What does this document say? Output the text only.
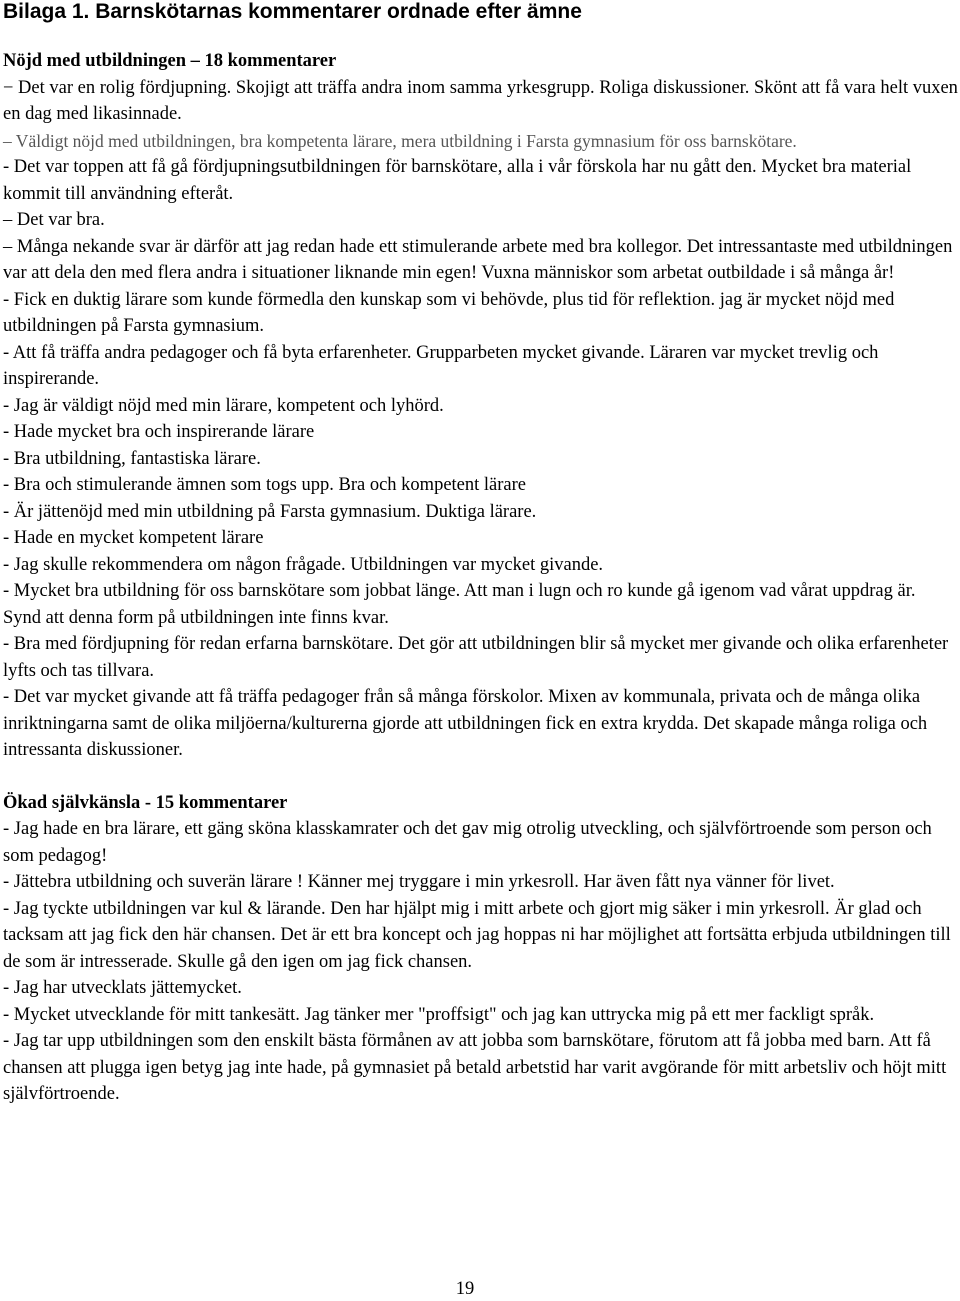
Bilaga 1. Barnskötarnas kommentarer ordnade efter ämne
Nöjd med utbildningen – 18 kommentarer

− Det var en rolig fördjupning. Skojigt att träffa andra inom samma yrkesgrupp. Roliga diskussioner. Skönt att få vara helt vuxen en dag med likasinnade.

– Väldigt nöjd med utbildningen, bra kompetenta lärare, mera utbildning i Farsta gymnasium för oss barnskötare.

- Det var toppen att få gå fördjupningsutbildningen för barnskötare, alla i vår förskola har nu gått den. Mycket bra material kommit till användning efteråt.

– Det var bra.

– Många nekande svar är därför att jag redan hade ett stimulerande arbete med bra kollegor. Det intressantaste med utbildningen var att dela den med flera andra i situationer liknande min egen! Vuxna människor som arbetat outbildade i så många år!

- Fick en duktig lärare som kunde förmedla den kunskap som vi behövde, plus tid för reflektion. jag är mycket nöjd med utbildningen på Farsta gymnasium.

- Att få träffa andra pedagoger och få byta erfarenheter. Grupparbeten mycket givande. Läraren var mycket trevlig och inspirerande.

- Jag är väldigt nöjd med min lärare, kompetent och lyhörd.

- Hade mycket bra och inspirerande lärare

- Bra utbildning, fantastiska lärare.

- Bra och stimulerande ämnen som togs upp. Bra och kompetent lärare

- Är jättenöjd med min utbildning på Farsta gymnasium. Duktiga lärare.

- Hade en mycket kompetent lärare

- Jag skulle rekommendera om någon frågade. Utbildningen var mycket givande.

- Mycket bra utbildning för oss barnskötare som jobbat länge. Att man i lugn och ro kunde gå igenom vad vårat uppdrag är. Synd att denna form på utbildningen inte finns kvar.

- Bra med fördjupning för redan erfarna barnskötare. Det gör att utbildningen blir så mycket mer givande och olika erfarenheter lyfts och tas tillvara.

- Det var mycket givande att få träffa pedagoger från så många förskolor. Mixen av kommunala, privata och de många olika inriktningarna samt de olika miljöerna/kulturerna gjorde att utbildningen fick en extra krydda. Det skapade många roliga och intressanta diskussioner.

Ökad självkänsla - 15 kommentarer

- Jag hade en bra lärare, ett gäng sköna klasskamrater och det gav mig otrolig utveckling, och självförtroende som person och som pedagog!

- Jättebra utbildning och suverän lärare ! Känner mej tryggare i min yrkesroll. Har även fått nya vänner för livet.

- Jag tyckte utbildningen var kul & lärande. Den har hjälpt mig i mitt arbete och gjort mig säker i min yrkesroll. Är glad och tacksam att jag fick den här chansen. Det är ett bra koncept och jag hoppas ni har möjlighet att fortsätta erbjuda utbildningen till de som är intresserade. Skulle gå den igen om jag fick chansen.

- Jag har utvecklats jättemycket.

- Mycket utvecklande för mitt tankesätt. Jag tänker mer "proffsigt" och jag kan uttrycka mig på ett mer fackligt språk.

- Jag tar upp utbildningen som den enskilt bästa förmånen av att jobba som barnskötare, förutom att få jobba med barn. Att få chansen att plugga igen betyg jag inte hade, på gymnasiet på betald arbetstid har varit avgörande för mitt arbetsliv och höjt mitt självförtroende.

19
